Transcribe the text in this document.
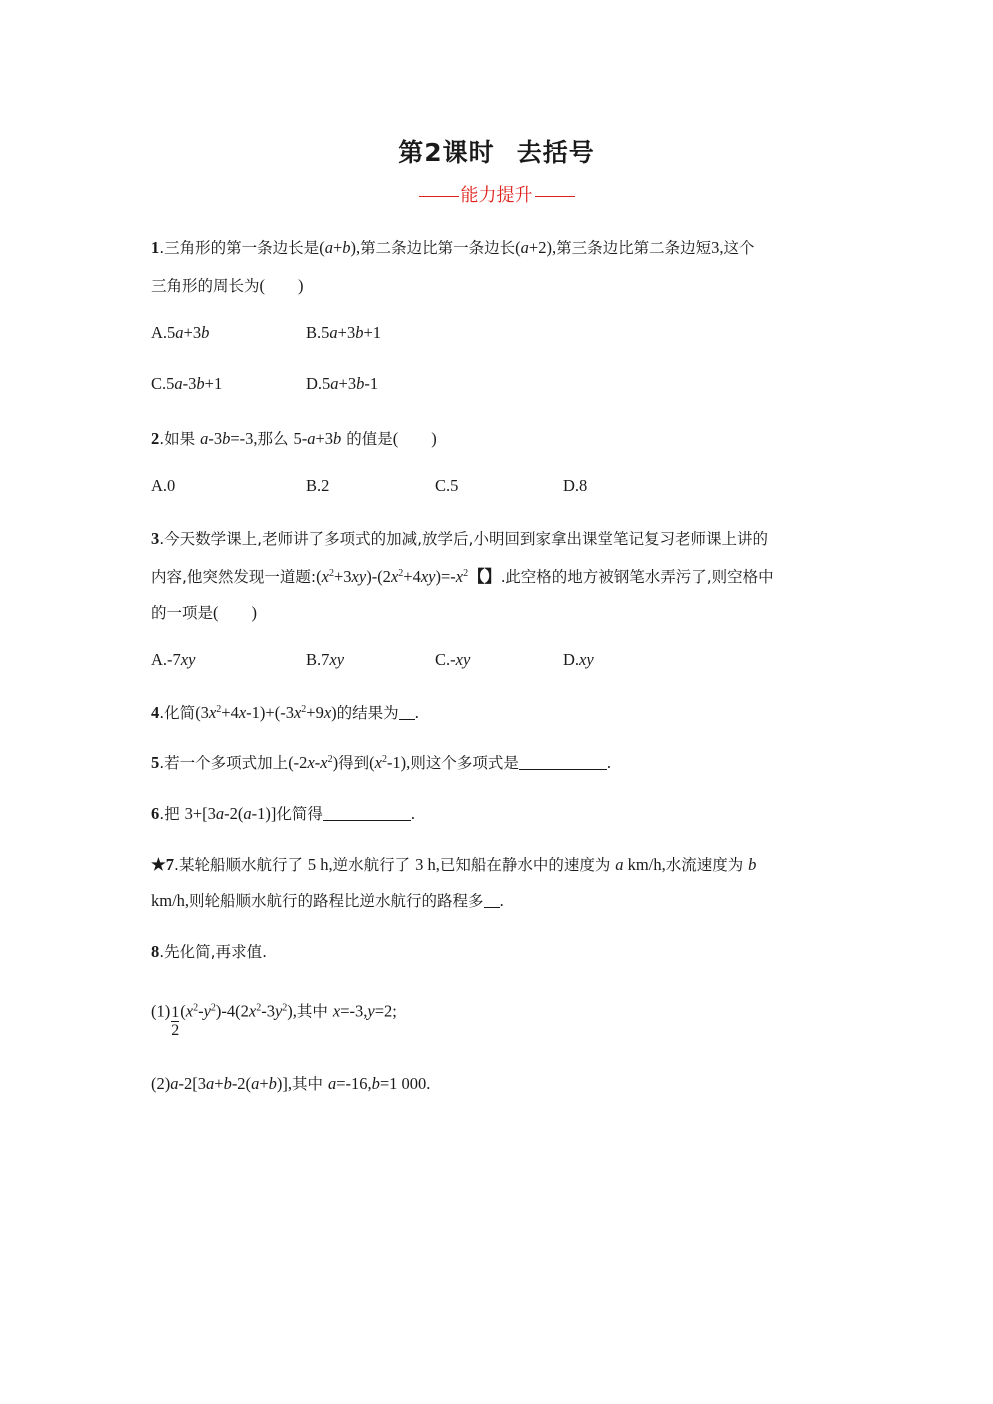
第2课时 去括号
能力提升
1.三角形的第一条边长是(a+b),第二条边比第一条边长(a+2),第三条边比第二条边短3,这个
三角形的周长为(　　)
A.5a+3b	B.5a+3b+1
C.5a-3b+1	D.5a+3b-1
2.如果 a-3b=-3,那么 5-a+3b 的值是(　　)
A.0	B.2	C.5	D.8
3.今天数学课上,老师讲了多项式的加减,放学后,小明回到家拿出课堂笔记复习老师课上讲的
内容,他突然发现一道题$:(x^2+3xy)-(2x^2+4xy)=-x^2$【】.此空格的地方被钢笔水弄污了,则空格中
的一项是(　　)
A.-7xy	B.7xy	C.-xy	D.xy
4.化简$(3x^2+4x-1)+(-3x^2+9x)$的结果为 .
5.若一个多项式加上$(-2x-x^2)$得到$(x^2-1)$,则这个多项式是	.
6.把 3+[3a-2(a-1)]化简得	.
★7.某轮船顺水航行了 5 h,逆水航行了 3 h,已知船在静水中的速度为 a km/h,水流速度为 b
km/h,则轮船顺水航行的路程比逆水航行的路程多 .
8.先化简,再求值.
$(1) \frac{1}{2} (x^2-y^2)-4(2x^2-3y^2)$,其中 x=-3,y=2;
(2)a-2[3a+b-2(a+b)],其中 a=-16,b=1 000.
